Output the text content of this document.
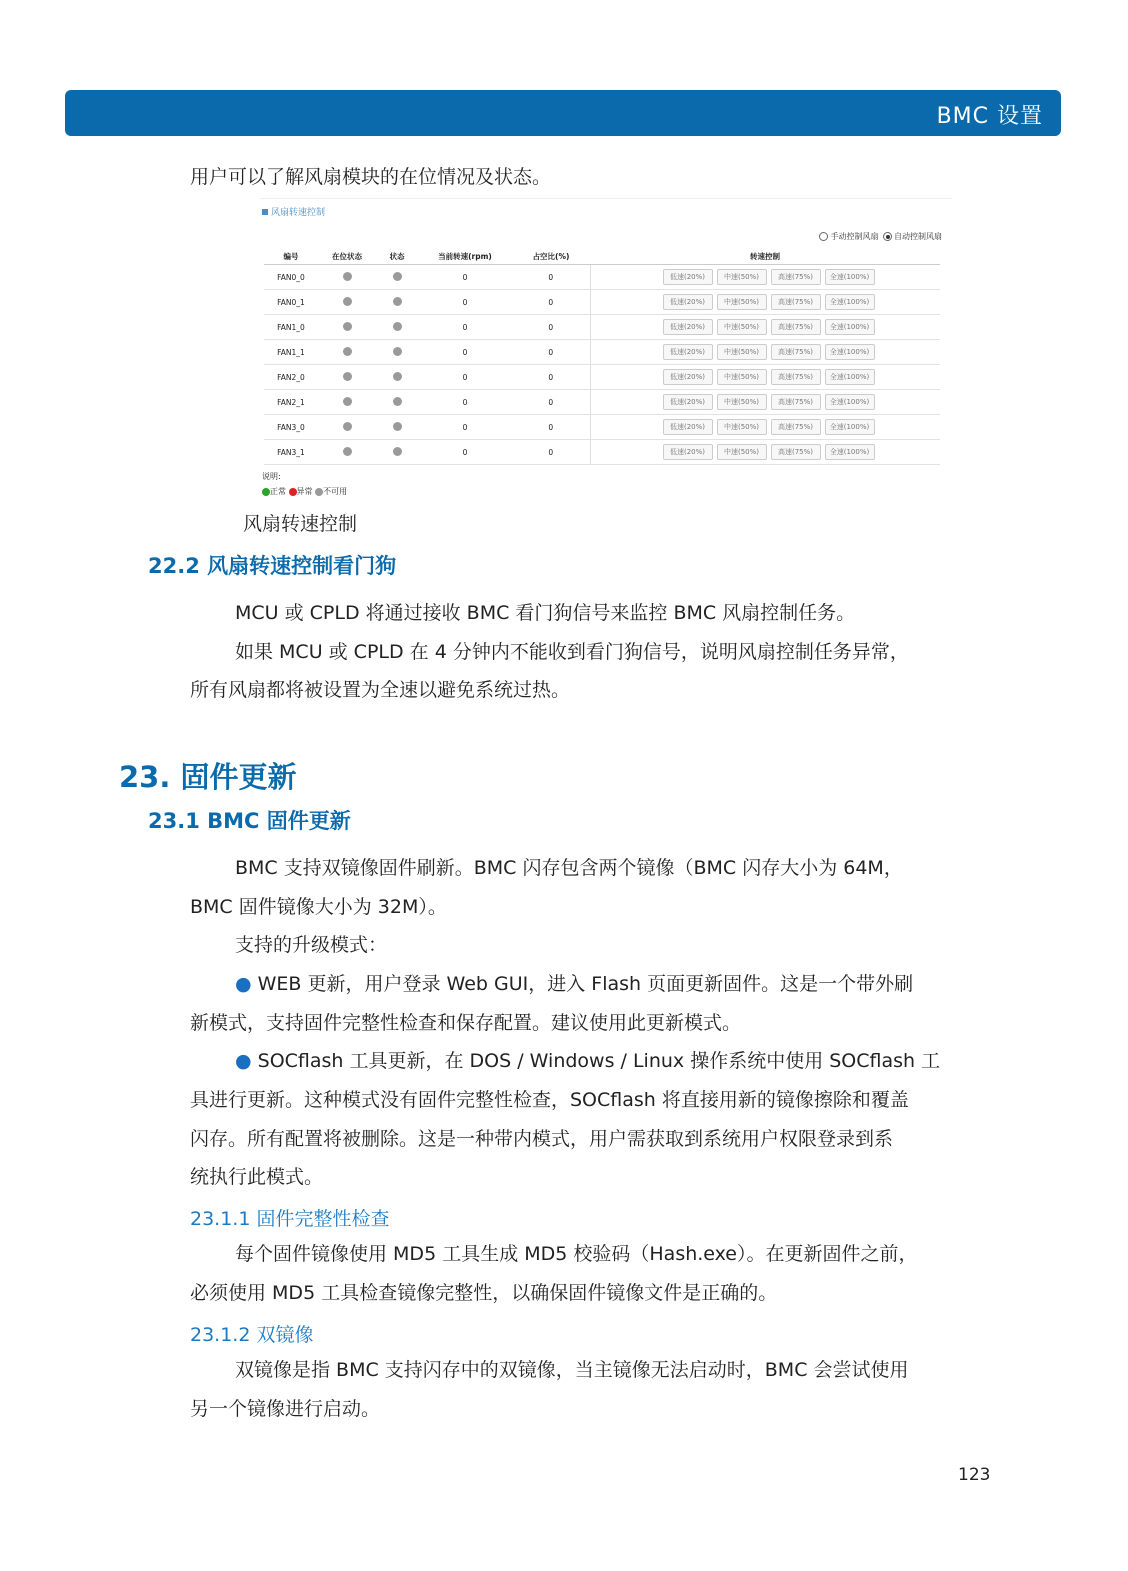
BMC 设置
用户可以了解风扇模块的在位情况及状态。
风扇转速控制
手动控制风扇 自动控制风扇
编号	在位状态	状态	当前转速(rpm)	占空比(%)	转速控制
FAN0_0			0	0	低速(20%) 中速(50%) 高速(75%) 全速(100%)
FAN0_1			0	0	低速(20%) 中速(50%) 高速(75%) 全速(100%)
FAN1_0			0	0	低速(20%) 中速(50%) 高速(75%) 全速(100%)
FAN1_1			0	0	低速(20%) 中速(50%) 高速(75%) 全速(100%)
FAN2_0			0	0	低速(20%) 中速(50%) 高速(75%) 全速(100%)
FAN2_1			0	0	低速(20%) 中速(50%) 高速(75%) 全速(100%)
FAN3_0			0	0	低速(20%) 中速(50%) 高速(75%) 全速(100%)
FAN3_1			0	0	低速(20%) 中速(50%) 高速(75%) 全速(100%)
说明:
正常 异常 不可用
风扇转速控制
22.2 风扇转速控制看门狗
MCU 或 CPLD 将通过接收 BMC 看门狗信号来监控 BMC 风扇控制任务。
如果 MCU 或 CPLD 在 4 分钟内不能收到看门狗信号，说明风扇控制任务异常，
所有风扇都将被设置为全速以避免系统过热。
23. 固件更新
23.1 BMC 固件更新
BMC 支持双镜像固件刷新。BMC 闪存包含两个镜像（BMC 闪存大小为 64M，
BMC 固件镜像大小为 32M）。
支持的升级模式：
● WEB 更新，用户登录 Web GUI，进入 Flash 页面更新固件。这是一个带外刷
新模式，支持固件完整性检查和保存配置。建议使用此更新模式。
● SOCflash 工具更新，在 DOS / Windows / Linux 操作系统中使用 SOCflash 工
具进行更新。这种模式没有固件完整性检查，SOCflash 将直接用新的镜像擦除和覆盖
闪存。所有配置将被删除。这是一种带内模式，用户需获取到系统用户权限登录到系
统执行此模式。
23.1.1 固件完整性检查
每个固件镜像使用 MD5 工具生成 MD5 校验码（Hash.exe）。在更新固件之前，
必须使用 MD5 工具检查镜像完整性，以确保固件镜像文件是正确的。
23.1.2 双镜像
双镜像是指 BMC 支持闪存中的双镜像，当主镜像无法启动时，BMC 会尝试使用
另一个镜像进行启动。
123
